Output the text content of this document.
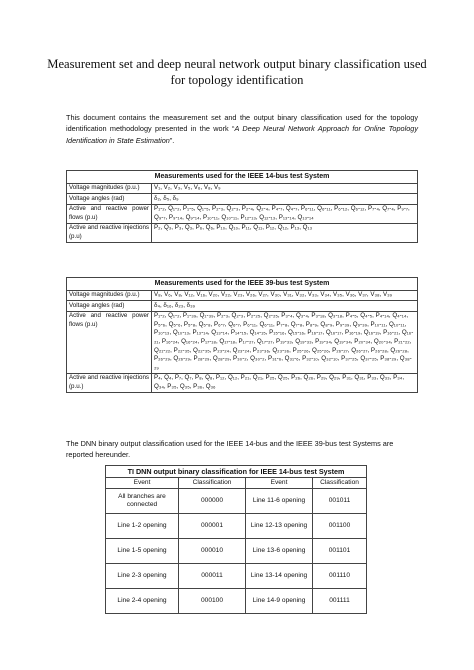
Measurement set and deep neural network output binary classification used for topology identification
This document contains the measurement set and the output binary classification used for the topology identification methodology presented in the work “A Deep Neural Network Approach for Online Topology Identification in State Estimation”.
Measurements used for the IEEE 14-bus test System	
Voltage magnitudes (p.u.)	V₁, V₂, V₃, V₅, V₆, V₈, V₉
Voltage angles (rad)	δ₂, δ₅, δ₉
Active and reactive power flows (p.u)	P₁-₂, Q₁-₂, P₁-₅, Q₁-₅, P₂-₃, Q₂-₃, P₂-₄, Q₂-₄, P₄-₇, Q₄-₇, P₆-₁₁, Q₆-₁₁, P₆-₁₂, Q₆-₁₂, P₇-₄, Q₇-₄, P₉-₇, Q₉-₇, P₉-₁₄, Q₉-₁₄, P₁₀-₁₁, Q₁₀-₁₁, P₁₂-₁₃, Q₁₂-₁₃, P₁₃-₁₄, Q₁₃-₁₄
Active and reactive injections (p.u)	P₂, Q₃, P₃, Q₃, P₆, Q₆, P₁₀, Q₁₀, P₁₁, Q₁₁, P₁₂, Q₁₂, P₁₃, Q₁₃
Measurements used for the IEEE 39-bus test System	
Voltage magnitudes (p.u.)	V₈, V₆, V₈, V₁₂, V₁₆, V₂₀, V₂₂, V₂₃, V₂₆, V₂₇, V₃₀, V₃₁, V₃₂, V₃₃, V₃₄, V₃₅, V₃₆, V₃₇, V₃₈, V₃₉
Voltage angles (rad)	δ₄, δ₁₆, δ₂₃, δ₃₉
Active and reactive power flows (p.u)	P₁-₂, Q₁-₂, P₁-₃₉, Q₁-₃₉, P₂-₃, Q₂-₃, P₂-₂₅, Q₂-₂₅, P₃-₄, Q₃-₄, P₃-₁₈, Q₃-₁₈, P₄-₅, Q₄-₅, P₄-₁₄, Q₄-₁₄, P₅-₆, Q₅-₆, P₅-₈, Q₅-₈, P₆-₇, Q₆-₇, P₆-₁₁, Q₆-₁₁, P₇-₈, Q₇-₈, P₈-₉, Q₈-₉, P₉-₃₉, Q₉-₃₉, P₁₀-₁₁, Q₁₀-₁₁, P₁₀-₁₃, Q₁₀-₁₃, P₁₃-₁₄, Q₁₃-₁₄, P₁₄-₁₅, Q₁₄-₁₅, P₁₅-₁₆, Q₁₅-₁₆, P₁₆-₁₇, Q₁₆-₁₇, P₁₆-₁₉, Q₁₆-₁₉, P₁₆-₂₁, Q₁₆-₂₁, P₁₆-₂₄, Q₁₆-₂₄, P₁₇-₁₈, Q₁₇-₁₈, P₁₇-₂₇, Q₁₇-₂₇, P₁₉-₃₃, Q₁₉-₃₃, P₁₉-₃₄, Q₁₉-₃₄, P₂₀-₃₄, Q₂₀-₃₄, P₂₁-₂₂, Q₂₁-₂₂, P₂₂-₃₅, Q₂₂-₃₅, P₂₃-₂₄, Q₂₃-₂₄, P₂₃-₃₆, Q₂₃-₃₆, P₂₅-₂₆, Q₂₅-₂₆, P₂₆-₂₇, Q₂₆-₂₇, P₂₆-₂₈, Q₂₆-₂₈, P₂₆-₂₉, Q₂₆-₂₉, P₂₈-₂₉, Q₂₈-₂₉, P₃₀-₂, Q₃₀-₂, P₃₁-₆, Q₃₁-₆, P₃₂-₁₀, Q₃₂-₁₀, P₃₇-₂₅, Q₃₇-₂₅, P₃₈-₂₉, Q₃₈-₂₉
Active and reactive injections (p.u.)	P₄, Q₄, P₇, Q₇, P₈, Q₈, P₁₂, Q₁₂, P₂₁, Q₂₁, P₂₅, Q₂₅, P₂₆, Q₂₆, P₂₉, Q₂₉, P₃₁, Q₃₁, P₃₃, Q₃₃, P₃₄, Q₃₄, P₃₅, Q₃₅, P₃₆, Q₃₆
The DNN binary output classification used for the IEEE 14-bus and the IEEE 39-bus test Systems are reported hereunder.
TI DNN output binary classification for IEEE 14-bus test System			
Event	Classification	Event	Classification
All branches are connected	000000	Line 11-6 opening	001011
Line 1-2 opening	000001	Line 12-13 opening	001100
Line 1-5 opening	000010	Line 13-6 opening	001101
Line 2-3 opening	000011	Line 13-14 opening	001110
Line 2-4 opening	000100	Line 14-9 opening	001111
